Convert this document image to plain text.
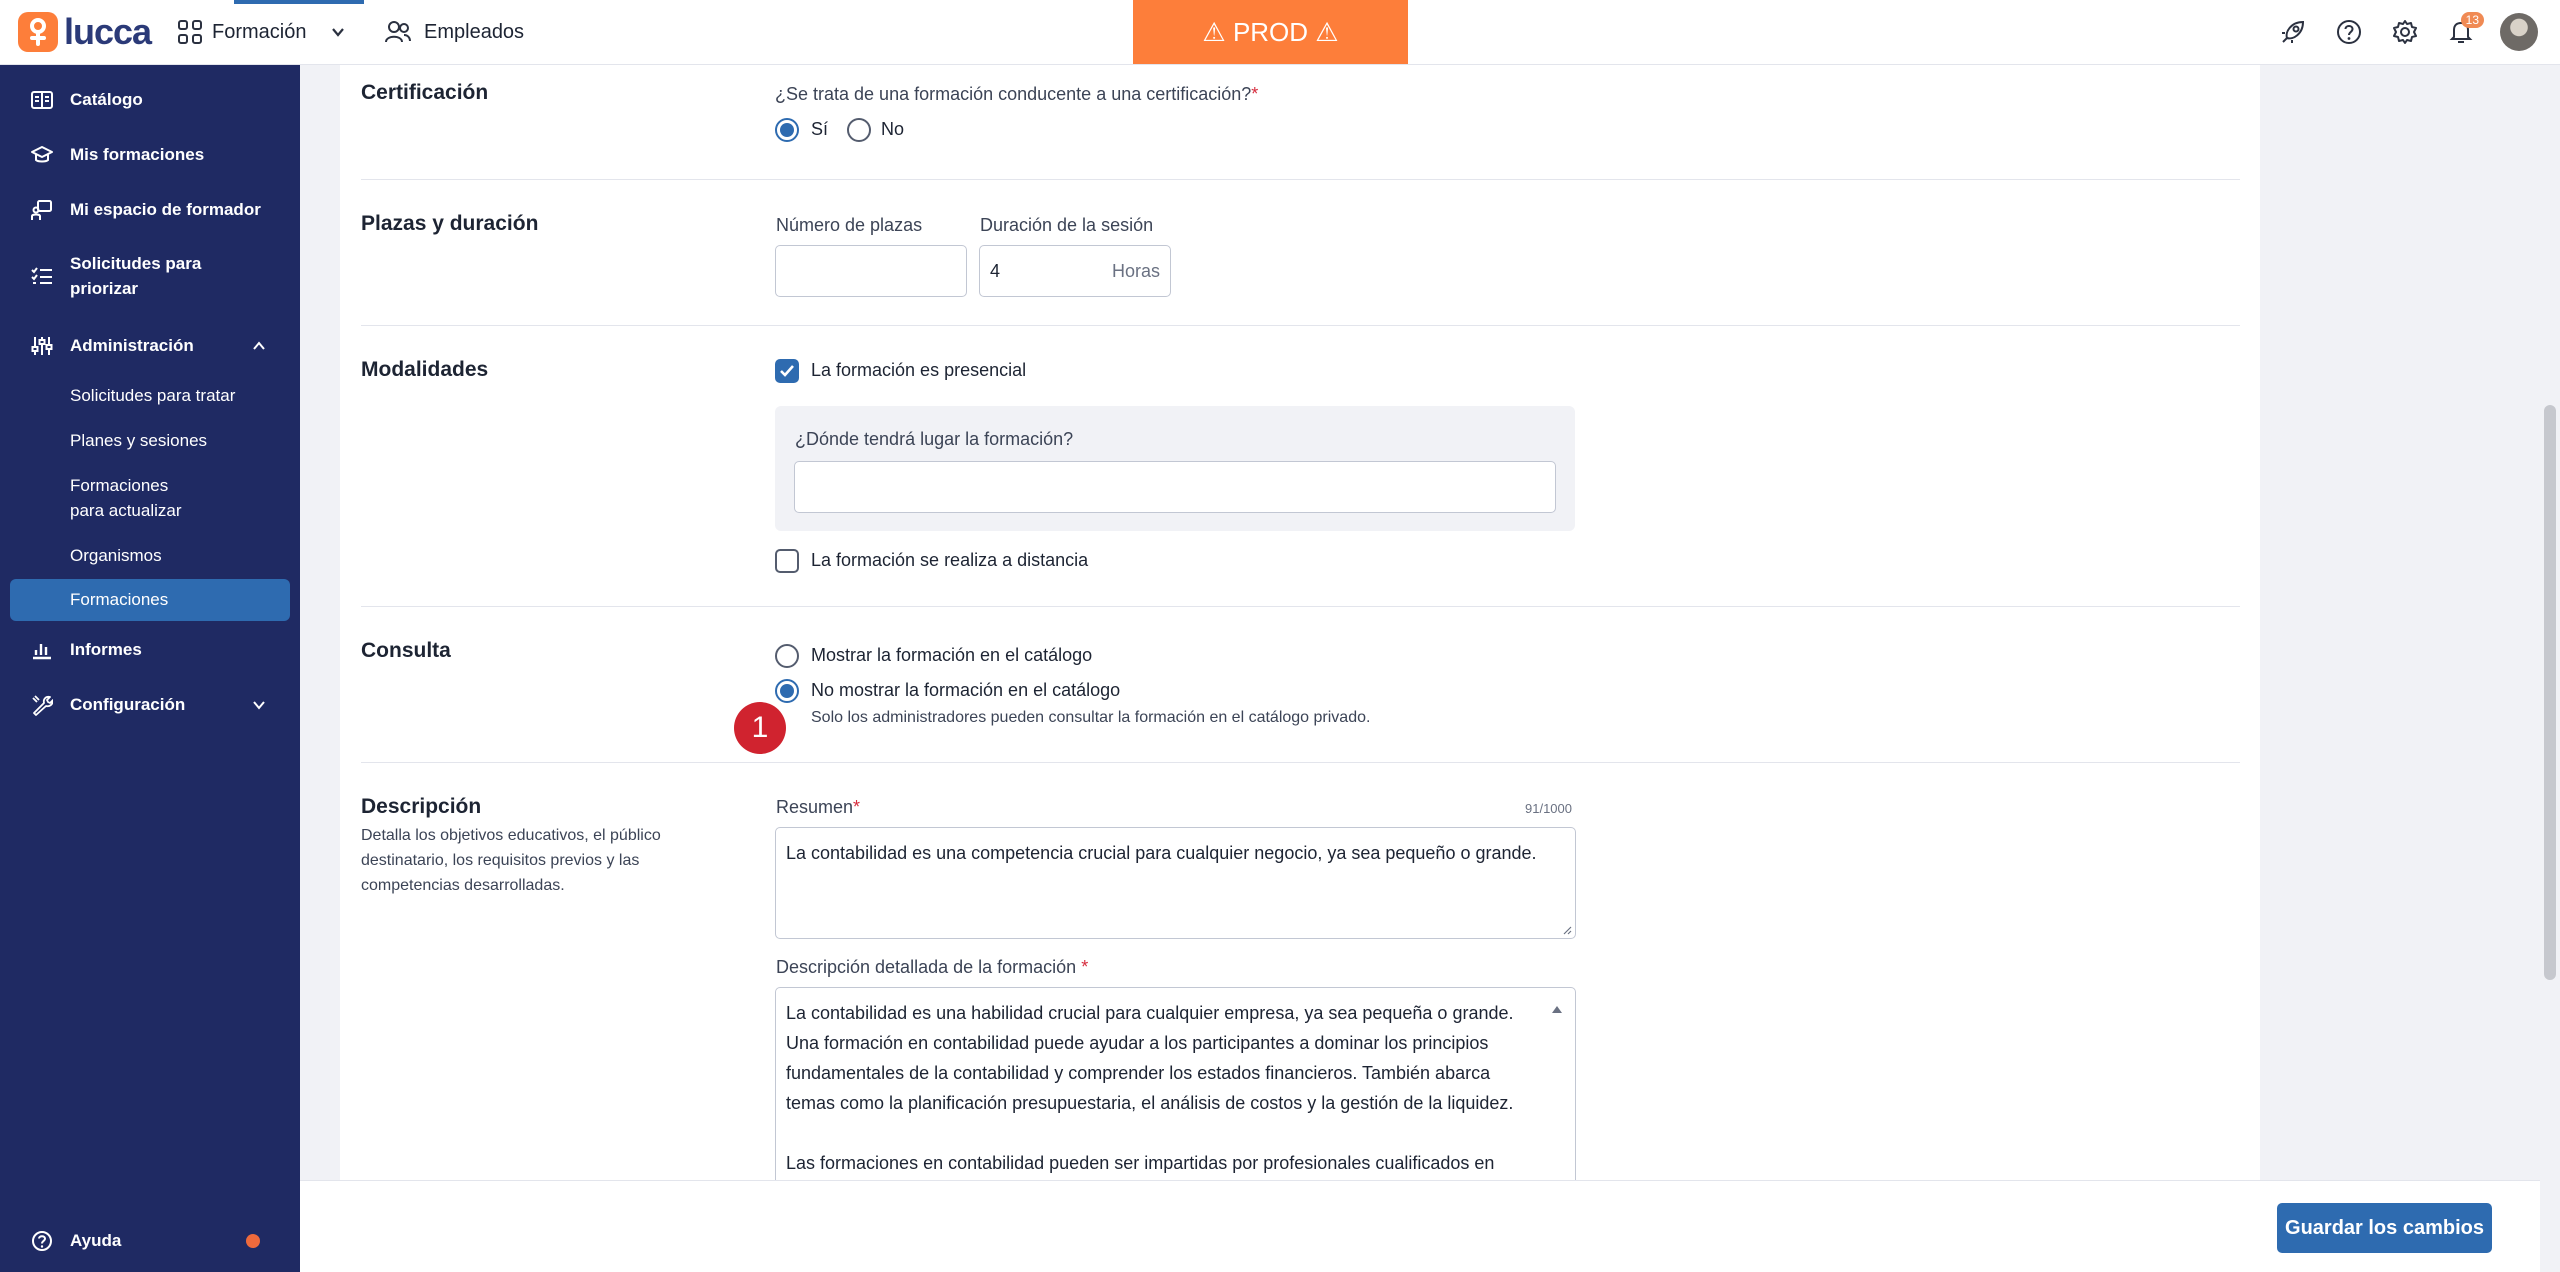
lucca	Formación	Empleados	⚠ PROD ⚠	13
Catálogo
Mis formaciones
Mi espacio de formador
Solicitudes para priorizar
Administración
Solicitudes para tratar
Planes y sesiones
Formaciones para actualizar
Organismos
Formaciones
Informes
Configuración
Ayuda
Certificación	¿Se trata de una formación conducente a una certificación?*
Sí	No
Plazas y duración	Número de plazas	Duración de la sesión
4	Horas
Modalidades	La formación es presencial
¿Dónde tendrá lugar la formación?
La formación se realiza a distancia
Consulta	Mostrar la formación en el catálogo
No mostrar la formación en el catálogo
Solo los administradores pueden consultar la formación en el catálogo privado.
1
Descripción
Detalla los objetivos educativos, el público destinatario, los requisitos previos y las competencias desarrolladas.
Resumen*	91/1000
La contabilidad es una competencia crucial para cualquier negocio, ya sea pequeño o grande.
Descripción detallada de la formación *
La contabilidad es una habilidad crucial para cualquier empresa, ya sea pequeña o grande.
Una formación en contabilidad puede ayudar a los participantes a dominar los principios
fundamentales de la contabilidad y comprender los estados financieros. También abarca
temas como la planificación presupuestaria, el análisis de costos y la gestión de la liquidez.
Las formaciones en contabilidad pueden ser impartidas por profesionales cualificados en
Guardar los cambios
